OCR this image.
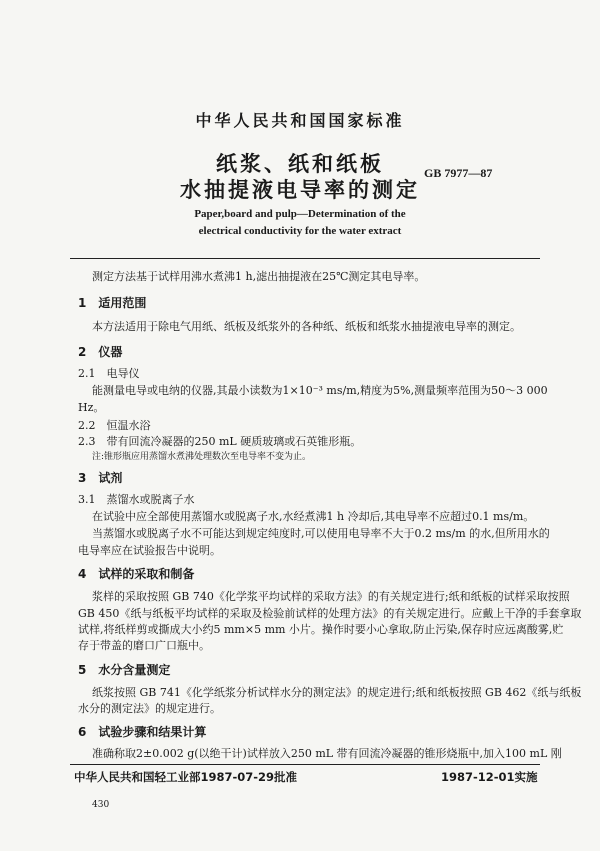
中华人民共和国国家标准
纸浆、纸和纸板
水抽提液电导率的测定
GB 7977—87
Paper,board and pulp—Determination of the
electrical conductivity for the water extract
测定方法基于试样用沸水煮沸1 h,滤出抽提液在25℃测定其电导率。
1　适用范围
本方法适用于除电气用纸、纸板及纸浆外的各种纸、纸板和纸浆水抽提液电导率的测定。
2　仪器
2.1　电导仪
能测量电导或电纳的仪器,其最小读数为1×10⁻³ ms/m,精度为5%,测量频率范围为50～3 000
Hz。
2.2　恒温水浴
2.3　带有回流冷凝器的250 mL 硬质玻璃或石英锥形瓶。
注:锥形瓶应用蒸馏水煮沸处理数次至电导率不变为止。
3　试剂
3.1　蒸馏水或脱离子水
在试验中应全部使用蒸馏水或脱离子水,水经煮沸1 h 冷却后,其电导率不应超过0.1 ms/m。
当蒸馏水或脱离子水不可能达到规定纯度时,可以使用电导率不大于0.2 ms/m 的水,但所用水的
电导率应在试验报告中说明。
4　试样的采取和制备
浆样的采取按照 GB 740《化学浆平均试样的采取方法》的有关规定进行;纸和纸板的试样采取按照
GB 450《纸与纸板平均试样的采取及检验前试样的处理方法》的有关规定进行。应戴上干净的手套拿取
试样,将纸样剪或撕成大小约5 mm×5 mm 小片。操作时要小心拿取,防止污染,保存时应远离酸雾,贮
存于带盖的磨口广口瓶中。
5　水分含量测定
纸浆按照 GB 741《化学纸浆分析试样水分的测定法》的规定进行;纸和纸板按照 GB 462《纸与纸板
水分的测定法》的规定进行。
6　试验步骤和结果计算
准确称取2±0.002 g(以绝干计)试样放入250 mL 带有回流冷凝器的锥形烧瓶中,加入100 mL 刚
中华人民共和国轻工业部1987-07-29批准	1987-12-01实施
430
